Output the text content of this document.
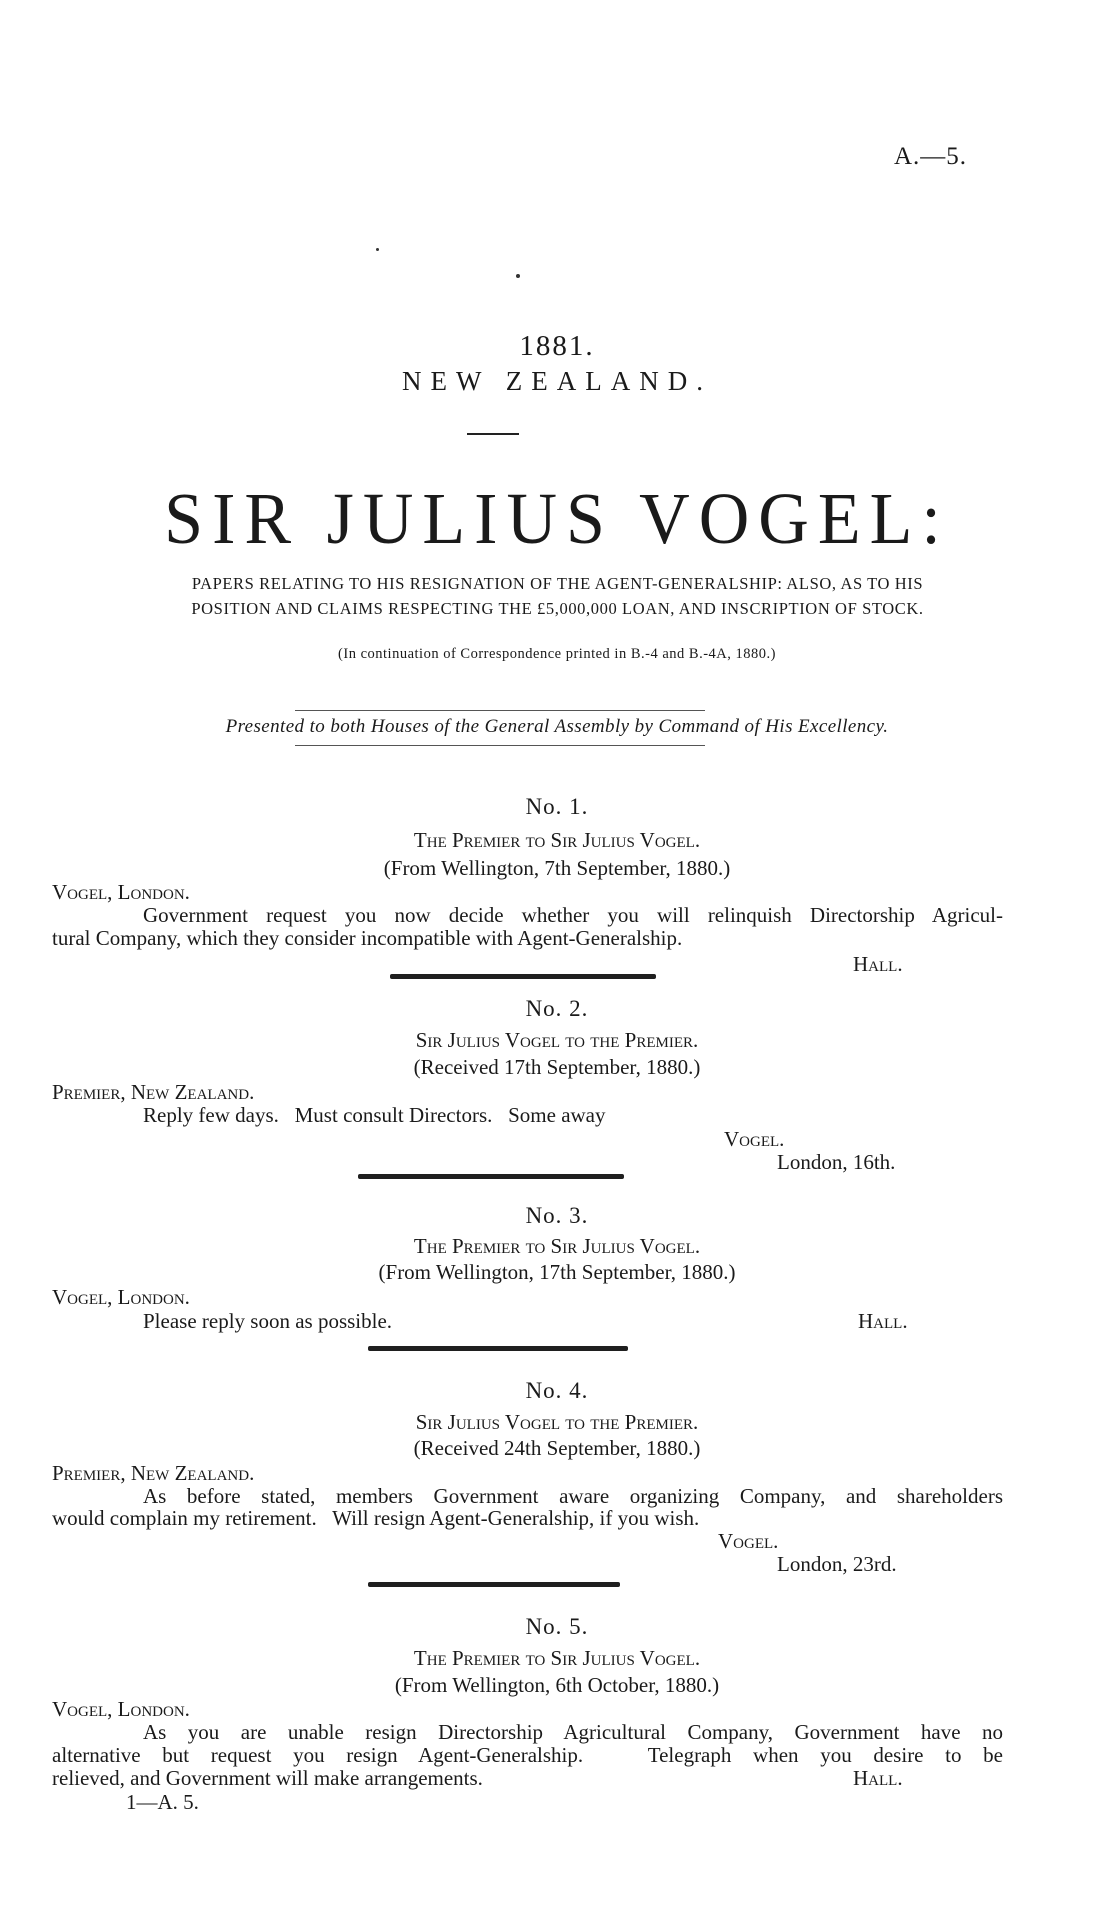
A.—5.
1881.
NEW ZEALAND.
SIR JULIUS VOGEL:
PAPERS RELATING TO HIS RESIGNATION OF THE AGENT-GENERALSHIP: ALSO, AS TO HIS
POSITION AND CLAIMS RESPECTING THE £5,000,000 LOAN, AND INSCRIPTION OF STOCK.
(In continuation of Correspondence printed in B.-4 and B.-4A, 1880.)
Presented to both Houses of the General Assembly by Command of His Excellency.
No. 1.
The Premier to Sir Julius Vogel.
(From Wellington, 7th September, 1880.)
Vogel, London.
Government request you now decide whether you will relinquish Directorship Agricul-
tural Company, which they consider incompatible with Agent-Generalship.
Hall.
No. 2.
Sir Julius Vogel to the Premier.
(Received 17th September, 1880.)
Premier, New Zealand.
Reply few days.   Must consult Directors.   Some away
Vogel.
London, 16th.
No. 3.
The Premier to Sir Julius Vogel.
(From Wellington, 17th September, 1880.)
Vogel, London.
Please reply soon as possible.	Hall.
No. 4.
Sir Julius Vogel to the Premier.
(Received 24th September, 1880.)
Premier, New Zealand.
As before stated, members Government aware organizing Company, and shareholders
would complain my retirement.   Will resign Agent-Generalship, if you wish.
Vogel.
London, 23rd.
No. 5.
The Premier to Sir Julius Vogel.
(From Wellington, 6th October, 1880.)
Vogel, London.
As you are unable resign Directorship Agricultural Company, Government have no
alternative but request you resign Agent-Generalship.   Telegraph when you desire to be
relieved, and Government will make arrangements.	Hall.
1—A. 5.
